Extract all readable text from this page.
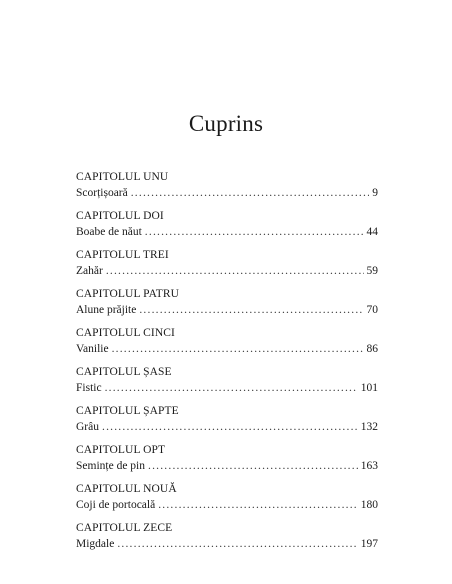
Cuprins
CAPITOLUL UNU
Scorțișoară .....	9
CAPITOLUL DOI
Boabe de năut .....	44
CAPITOLUL TREI
Zahăr .....	59
CAPITOLUL PATRU
Alune prăjite .....	70
CAPITOLUL CINCI
Vanilie .....	86
CAPITOLUL ȘASE
Fistic .....	101
CAPITOLUL ȘAPTE
Grâu .....	132
CAPITOLUL OPT
Semințe de pin .....	163
CAPITOLUL NOUĂ
Coji de portocală .....	180
CAPITOLUL ZECE
Migdale .....	197
